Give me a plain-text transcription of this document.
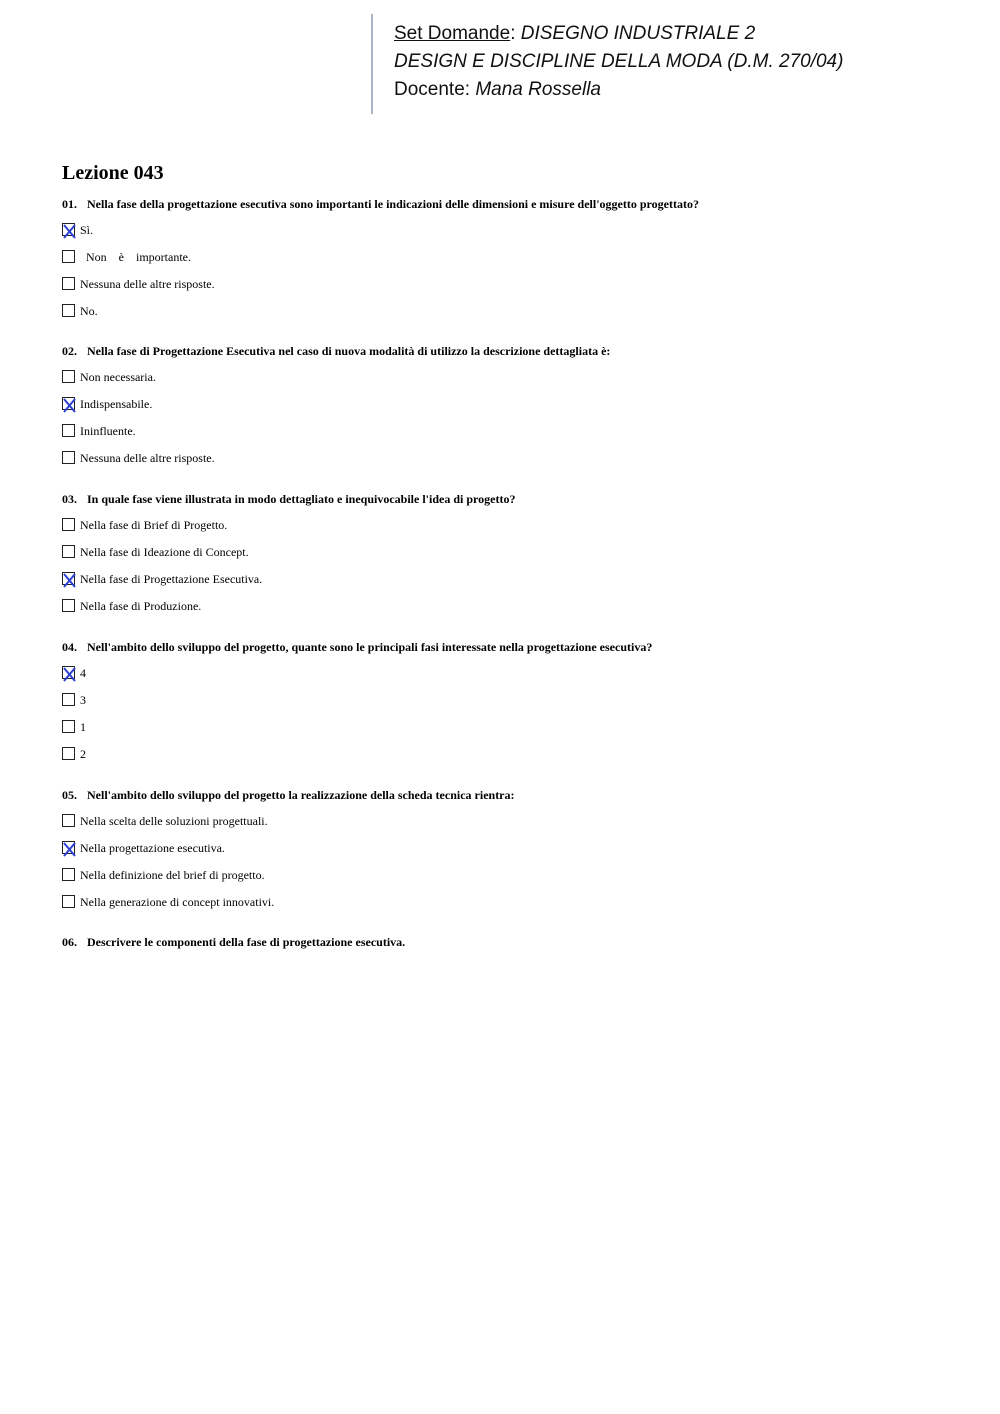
Set Domande: DISEGNO INDUSTRIALE 2
DESIGN E DISCIPLINE DELLA MODA (D.M. 270/04)
Docente: Mana Rossella
Lezione 043
01. Nella fase della progettazione esecutiva sono importanti le indicazioni delle dimensioni e misure dell'oggetto progettato?
Sì.
Non    è    importante.
Nessuna delle altre risposte.
No.
02. Nella fase di Progettazione Esecutiva nel caso di nuova modalità di utilizzo la descrizione dettagliata è:
Non necessaria.
Indispensabile.
Ininfluente.
Nessuna delle altre risposte.
03. In quale fase viene illustrata in modo dettagliato e inequivocabile l'idea di progetto?
Nella fase di Brief di Progetto.
Nella fase di Ideazione di Concept.
Nella fase di Progettazione Esecutiva.
Nella fase di Produzione.
04. Nell'ambito dello sviluppo del progetto, quante sono le principali fasi interessate nella progettazione esecutiva?
4
3
1
2
05. Nell'ambito dello sviluppo del progetto la realizzazione della scheda tecnica rientra:
Nella scelta delle soluzioni progettuali.
Nella progettazione esecutiva.
Nella definizione del brief di progetto.
Nella generazione di concept innovativi.
06. Descrivere le componenti della fase di progettazione esecutiva.
